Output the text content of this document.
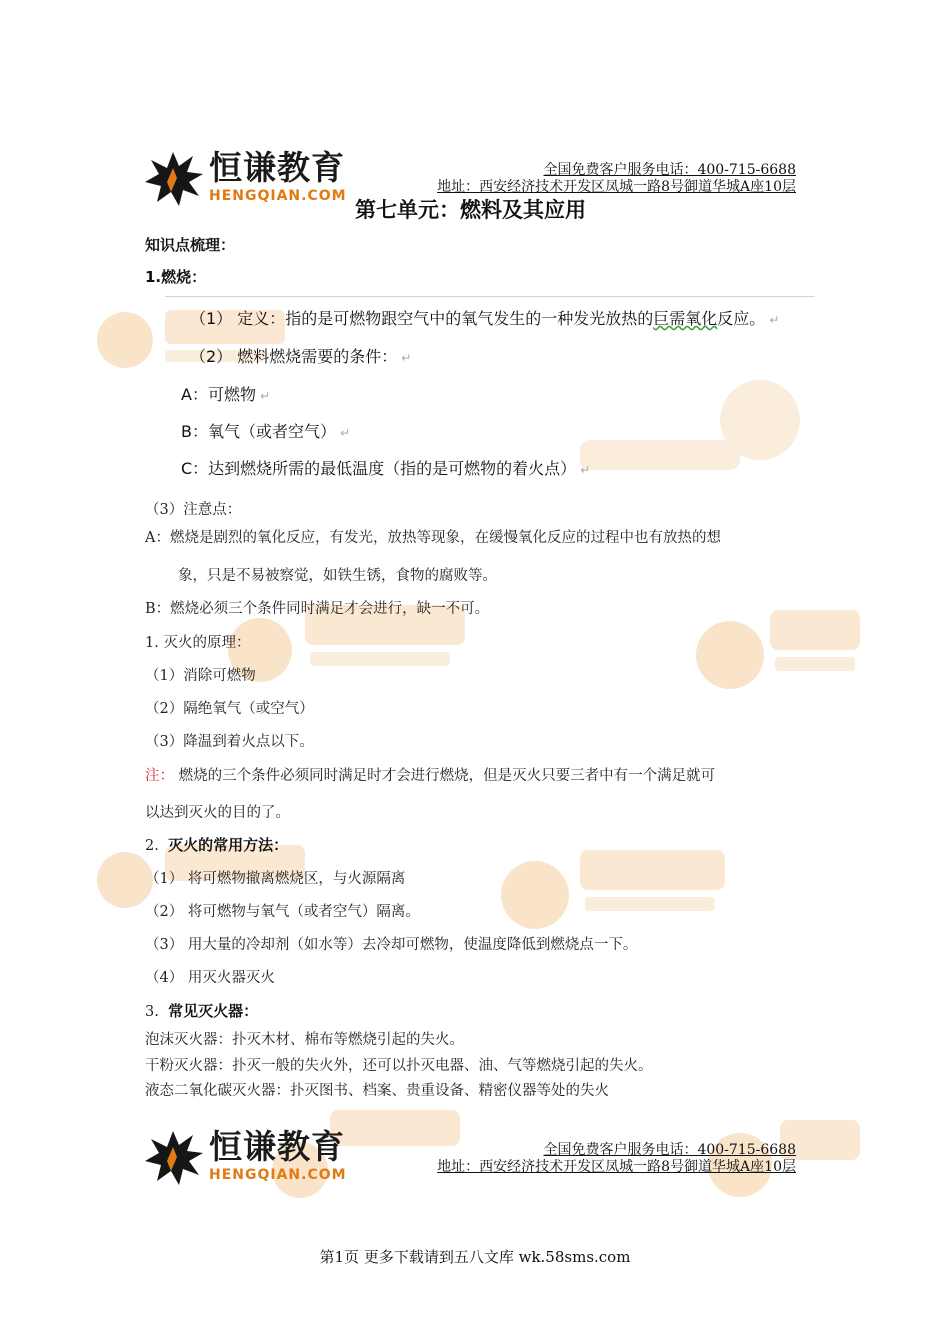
恒谦教育
HENGQIAN.COM
全国免费客户服务电话：400-715-6688
地址：西安经济技术开发区凤城一路8号御道华城A座10层
第七单元：燃料及其应用
知识点梳理：
1.燃烧：
（1） 定义：指的是可燃物跟空气中的氧气发生的一种发光放热的巨需氧化反应。 ↵
（2） 燃料燃烧需要的条件： ↵
A：可燃物 ↵
B：氧气（或者空气） ↵
C：达到燃烧所需的最低温度（指的是可燃物的着火点） ↵
（3）注意点：
A：燃烧是剧烈的氧化反应，有发光，放热等现象，在缓慢氧化反应的过程中也有放热的想
象，只是不易被察觉，如铁生锈，食物的腐败等。
B：燃烧必须三个条件同时满足才会进行，缺一不可。
1. 灭火的原理：
（1）消除可燃物
（2）隔绝氧气（或空气）
（3）降温到着火点以下。
注： 燃烧的三个条件必须同时满足时才会进行燃烧，但是灭火只要三者中有一个满足就可
以达到灭火的目的了。
2. 灭火的常用方法：
（1） 将可燃物撤离燃烧区，与火源隔离
（2） 将可燃物与氧气（或者空气）隔离。
（3） 用大量的冷却剂（如水等）去冷却可燃物，使温度降低到燃烧点一下。
（4） 用灭火器灭火
3. 常见灭火器：
泡沫灭火器：扑灭木材、棉布等燃烧引起的失火。
干粉灭火器：扑灭一般的失火外，还可以扑灭电器、油、气等燃烧引起的失火。
液态二氧化碳灭火器：扑灭图书、档案、贵重设备、精密仪器等处的失火
恒谦教育
HENGQIAN.COM
全国免费客户服务电话：400-715-6688
地址：西安经济技术开发区凤城一路8号御道华城A座10层
第1页 更多下载请到五八文库 wk.58sms.com
